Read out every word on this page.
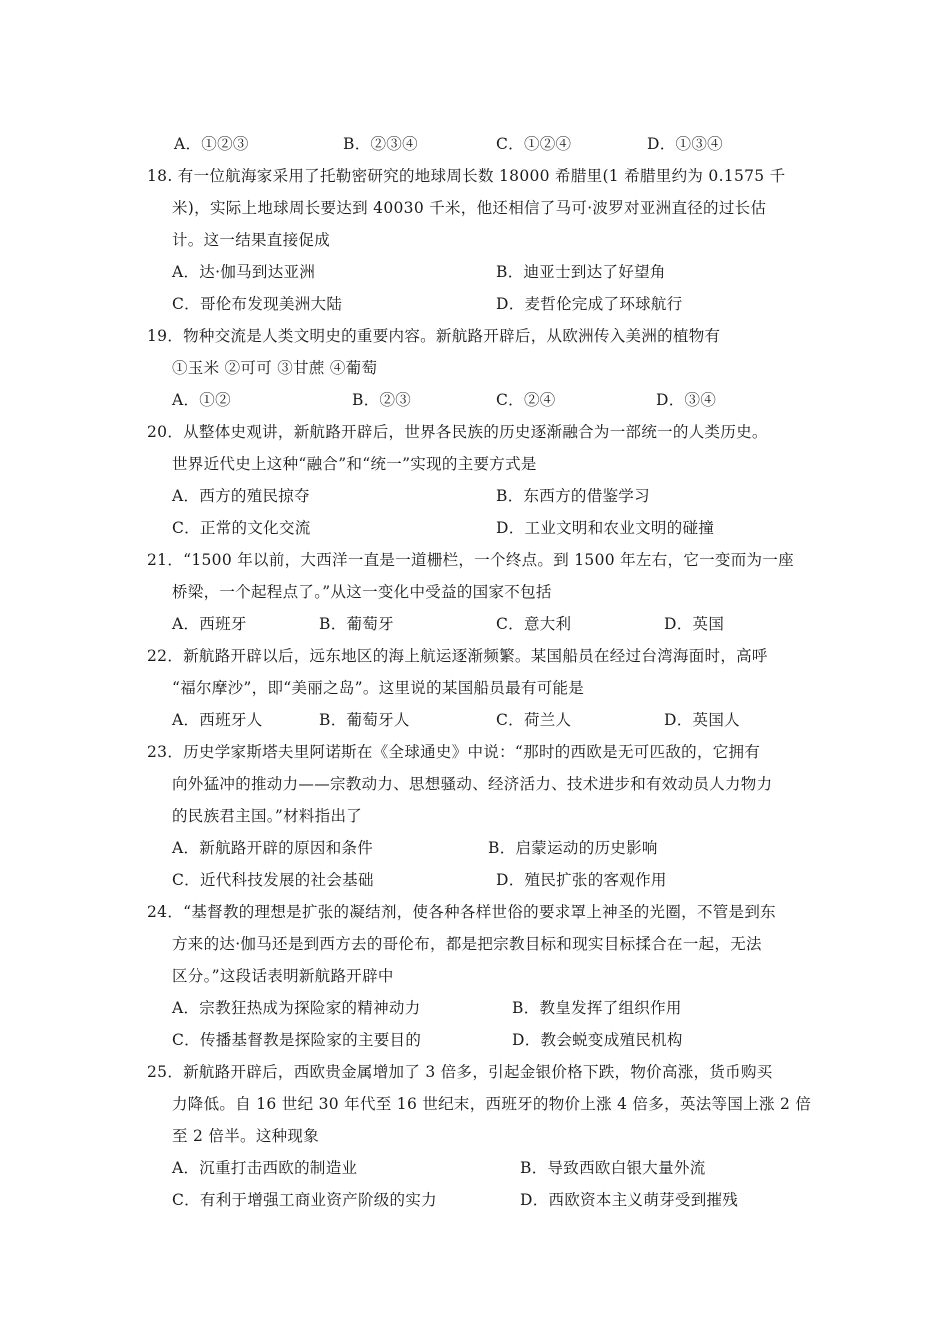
A．①②③	B．②③④	C．①②④	D．①③④
18. 有一位航海家采用了托勒密研究的地球周长数 18000 希腊里(1 希腊里约为 0.1575 千
米)，实际上地球周长要达到 40030 千米，他还相信了马可·波罗对亚洲直径的过长估
计。这一结果直接促成
A．达·伽马到达亚洲	B．迪亚士到达了好望角
C．哥伦布发现美洲大陆	D．麦哲伦完成了环球航行
19．物种交流是人类文明史的重要内容。新航路开辟后，从欧洲传入美洲的植物有
①玉米 ②可可 ③甘蔗 ④葡萄
A．①②	B．②③	C．②④	D．③④
20．从整体史观讲，新航路开辟后，世界各民族的历史逐渐融合为一部统一的人类历史。
世界近代史上这种“融合”和“统一”实现的主要方式是
A．西方的殖民掠夺	B．东西方的借鉴学习
C．正常的文化交流	D．工业文明和农业文明的碰撞
21．“1500 年以前，大西洋一直是一道栅栏，一个终点。到 1500 年左右，它一变而为一座
桥梁，一个起程点了。”从这一变化中受益的国家不包括
A．西班牙	B．葡萄牙	C．意大利	D．英国
22．新航路开辟以后，远东地区的海上航运逐渐频繁。某国船员在经过台湾海面时，高呼
“福尔摩沙”，即“美丽之岛”。这里说的某国船员最有可能是
A．西班牙人	B．葡萄牙人	C．荷兰人	D．英国人
23．历史学家斯塔夫里阿诺斯在《全球通史》中说：“那时的西欧是无可匹敌的，它拥有
向外猛冲的推动力——宗教动力、思想骚动、经济活力、技术进步和有效动员人力物力
的民族君主国。”材料指出了
A．新航路开辟的原因和条件	B．启蒙运动的历史影响
C．近代科技发展的社会基础	D．殖民扩张的客观作用
24．“基督教的理想是扩张的凝结剂，使各种各样世俗的要求罩上神圣的光圈，不管是到东
方来的达·伽马还是到西方去的哥伦布，都是把宗教目标和现实目标揉合在一起，无法
区分。”这段话表明新航路开辟中
A．宗教狂热成为探险家的精神动力	B．教皇发挥了组织作用
C．传播基督教是探险家的主要目的	D．教会蜕变成殖民机构
25．新航路开辟后，西欧贵金属增加了 3 倍多，引起金银价格下跌，物价高涨，货币购买
力降低。自 16 世纪 30 年代至 16 世纪末，西班牙的物价上涨 4 倍多，英法等国上涨 2 倍
至 2 倍半。这种现象
A．沉重打击西欧的制造业	B．导致西欧白银大量外流
C．有利于增强工商业资产阶级的实力	D．西欧资本主义萌芽受到摧残
